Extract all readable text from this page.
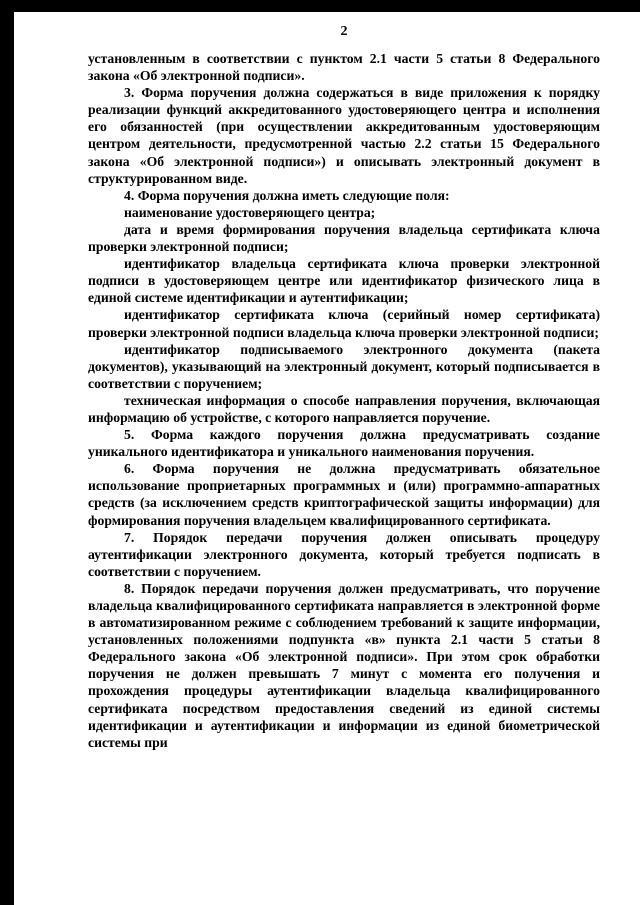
2

установленным в соответствии с пунктом 2.1 части 5 статьи 8 Федерального закона «Об электронной подписи».

3. Форма поручения должна содержаться в виде приложения к порядку реализации функций аккредитованного удостоверяющего центра и исполнения его обязанностей (при осуществлении аккредитованным удостоверяющим центром деятельности, предусмотренной частью 2.2 статьи 15 Федерального закона «Об электронной подписи») и описывать электронный документ в структурированном виде.

4. Форма поручения должна иметь следующие поля:

наименование удостоверяющего центра;

дата и время формирования поручения владельца сертификата ключа проверки электронной подписи;

идентификатор владельца сертификата ключа проверки электронной подписи в удостоверяющем центре или идентификатор физического лица в единой системе идентификации и аутентификации;

идентификатор сертификата ключа (серийный номер сертификата) проверки электронной подписи владельца ключа проверки электронной подписи;

идентификатор подписываемого электронного документа (пакета документов), указывающий на электронный документ, который подписывается в соответствии с поручением;

техническая информация о способе направления поручения, включающая информацию об устройстве, с которого направляется поручение.

5. Форма каждого поручения должна предусматривать создание уникального идентификатора и уникального наименования поручения.

6. Форма поручения не должна предусматривать обязательное использование проприетарных программных и (или) программно-аппаратных средств (за исключением средств криптографической защиты информации) для формирования поручения владельцем квалифицированного сертификата.

7. Порядок передачи поручения должен описывать процедуру аутентификации электронного документа, который требуется подписать в соответствии с поручением.

8. Порядок передачи поручения должен предусматривать, что поручение владельца квалифицированного сертификата направляется в электронной форме в автоматизированном режиме с соблюдением требований к защите информации, установленных положениями подпункта «в» пункта 2.1 части 5 статьи 8 Федерального закона «Об электронной подписи». При этом срок обработки поручения не должен превышать 7 минут с момента его получения и прохождения процедуры аутентификации владельца квалифицированного сертификата посредством предоставления сведений из единой системы идентификации и аутентификации и информации из единой биометрической системы при
